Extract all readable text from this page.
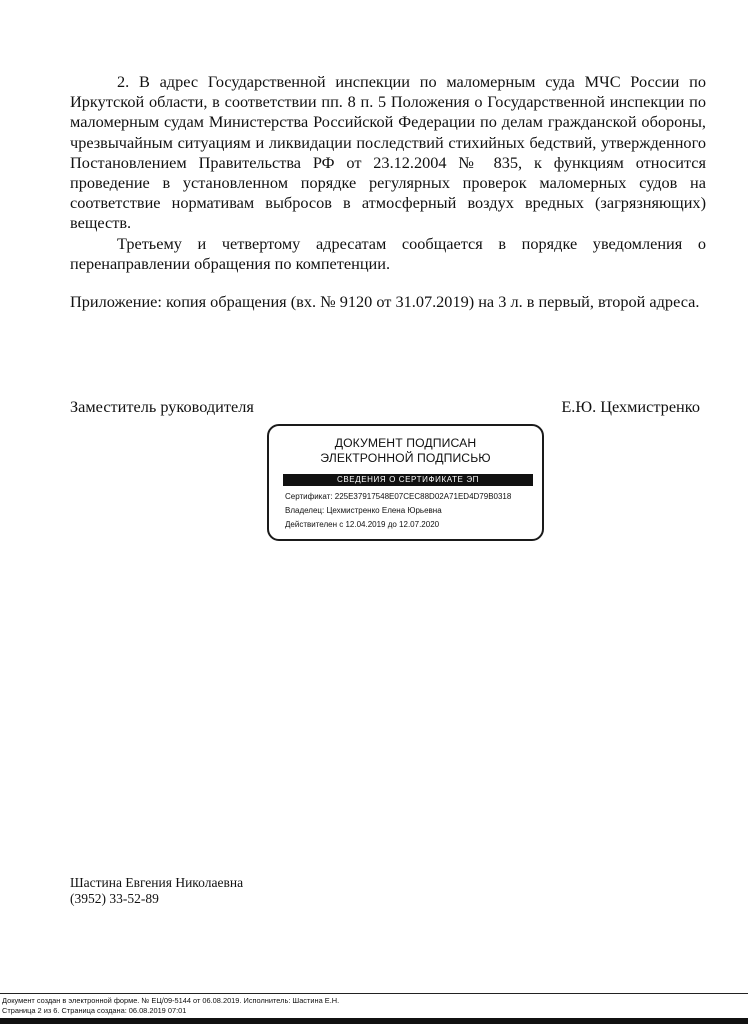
2. В адрес Государственной инспекции по маломерным суда МЧС России по Иркутской области, в соответствии пп. 8 п. 5 Положения о Государственной инспекции по маломерным судам Министерства Российской Федерации по делам гражданской обороны, чрезвычайным ситуациям и ликвидации последствий стихийных бедствий, утвержденного Постановлением Правительства РФ от 23.12.2004 № 835, к функциям относится проведение в установленном порядке регулярных проверок маломерных судов на соответствие нормативам выбросов в атмосферный воздух вредных (загрязняющих) веществ.

Третьему и четвертому адресатам сообщается в порядке уведомления о перенаправлении обращения по компетенции.

Приложение: копия обращения (вх. № 9120 от 31.07.2019) на 3 л. в первый, второй адреса.

Заместитель руководителя	Е.Ю. Цехмистренко
ДОКУМЕНТ ПОДПИСАН
ЭЛЕКТРОННОЙ ПОДПИСЬЮ
СВЕДЕНИЯ О СЕРТИФИКАТЕ ЭП
Сертификат: 225E37917548E07CEC88D02A71ED4D79B0318
Владелец: Цехмистренко Елена Юрьевна
Действителен с 12.04.2019 до 12.07.2020
Шастина Евгения Николаевна
(3952) 33-52-89
Документ создан в электронной форме. № ЕЦ/09-5144 от 06.08.2019. Исполнитель: Шастина Е.Н.
Страница 2 из 6. Страница создана: 06.08.2019 07:01
